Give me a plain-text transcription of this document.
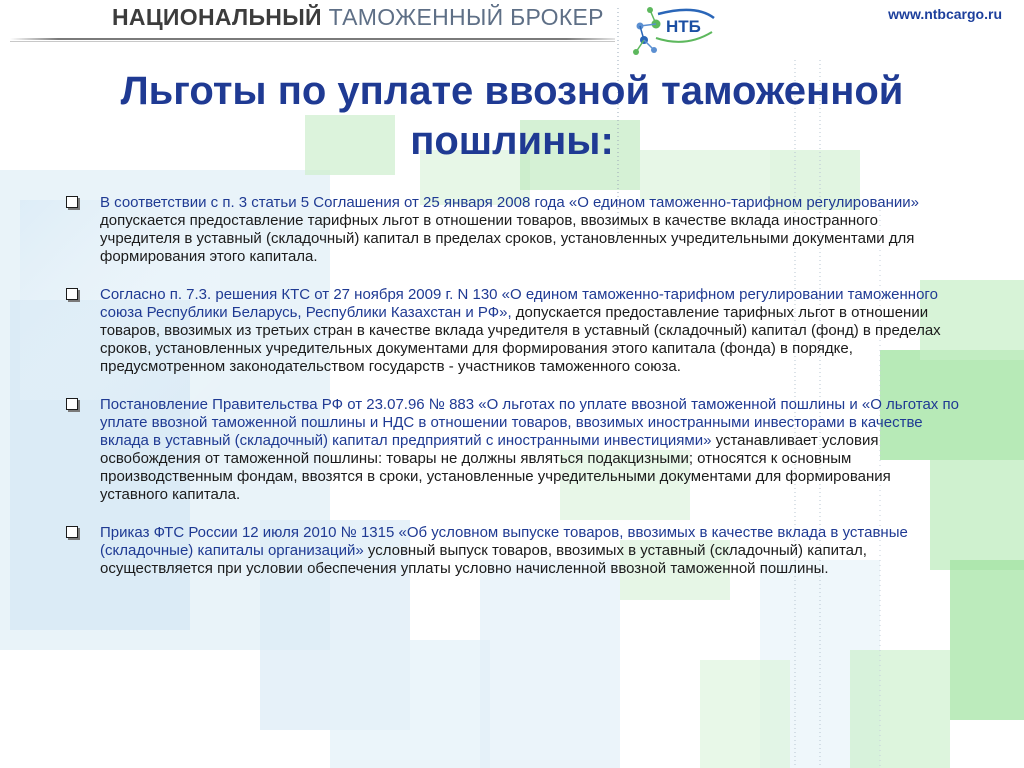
НАЦИОНАЛЬНЫЙ ТАМОЖЕННЫЙ БРОКЕР	НТБ
www.ntbcargo.ru
Льготы по уплате ввозной таможенной пошлины:
В соответствии с п. 3 статьи 5 Соглашения от 25 января 2008 года «О едином таможенно-тарифном регулировании» допускается предоставление тарифных льгот в отношении товаров, ввозимых в качестве вклада иностранного учредителя в уставный (складочный) капитал в пределах сроков, установленных учредительными документами для формирования этого капитала.
Согласно п. 7.3. решения КТС от 27 ноября 2009 г. N 130 «О едином таможенно-тарифном регулировании таможенного союза Республики Беларусь, Республики Казахстан и РФ», допускается предоставление тарифных льгот в отношении товаров, ввозимых из третьих стран в качестве вклада учредителя в уставный (складочный) капитал (фонд) в пределах сроков, установленных учредительных документами для формирования этого капитала (фонда) в порядке, предусмотренном законодательством государств - участников таможенного союза.
Постановление Правительства РФ от 23.07.96 № 883 «О льготах по уплате ввозной таможенной пошлины и «О льготах по уплате ввозной таможенной пошлины и НДС в отношении товаров, ввозимых иностранными инвесторами в качестве вклада в уставный (складочный) капитал предприятий с иностранными инвестициями» устанавливает условия освобождения от таможенной пошлины: товары не должны являться подакцизными; относятся к основным производственным фондам, ввозятся в сроки, установленные учредительными документами для формирования уставного капитала.
Приказ ФТС России 12 июля 2010 № 1315 «Об условном выпуске товаров, ввозимых в качестве вклада в уставные (складочные) капиталы организаций» условный выпуск товаров, ввозимых в уставный (складочный) капитал, осуществляется при условии обеспечения уплаты условно начисленной ввозной таможенной пошлины.
